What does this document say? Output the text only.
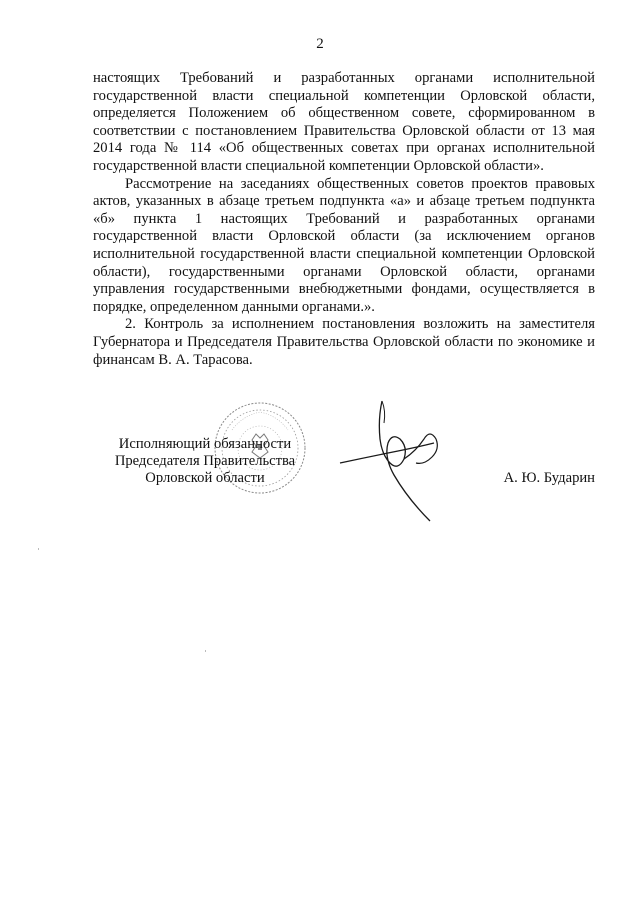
2

настоящих Требований и разработанных органами исполнительной государственной власти специальной компетенции Орловской области, определяется Положением об общественном совете, сформированном в соответствии с постановлением Правительства Орловской области от 13 мая 2014 года № 114 «Об общественных советах при органах исполнительной государственной власти специальной компетенции Орловской области».

Рассмотрение на заседаниях общественных советов проектов правовых актов, указанных в абзаце третьем подпункта «а» и абзаце третьем подпункта «б» пункта 1 настоящих Требований и разработанных органами государственной власти Орловской области (за исключением органов исполнительной государственной власти специальной компетенции Орловской области), государственными органами Орловской области, органами управления государственными внебюджетными фондами, осуществляется в порядке, определенном данными органами.».

2. Контроль за исполнением постановления возложить на заместителя Губернатора и Председателя Правительства Орловской области по экономике и финансам В. А. Тарасова.

Исполняющий обязанности
Председателя Правительства
Орловской области	А. Ю. Бударин
